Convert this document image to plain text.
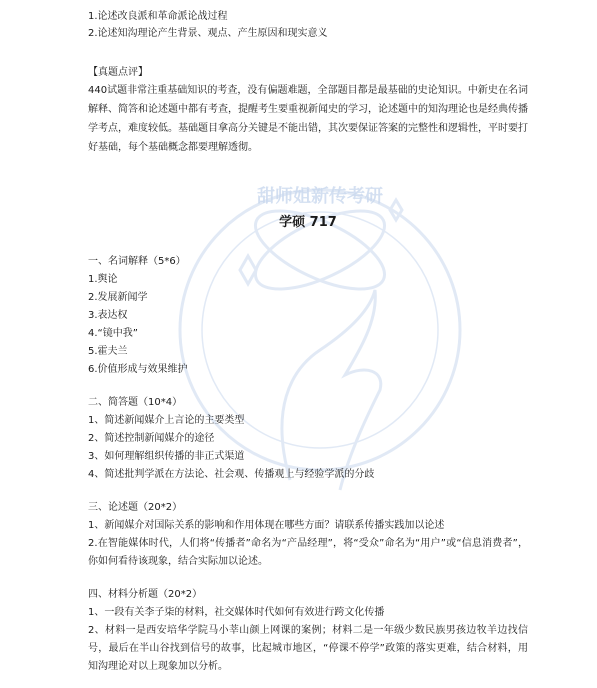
甜师姐新传考研
1.论述改良派和革命派论战过程
2.论述知沟理论产生背景、观点、产生原因和现实意义
【真题点评】
440试题非常注重基础知识的考查，没有偏题难题，全部题目都是最基础的史论知识。中新史在名词解释、简答和论述题中都有考查，提醒考生要重视新闻史的学习，论述题中的知沟理论也是经典传播学考点，难度较低。基础题目拿高分关键是不能出错，其次要保证答案的完整性和逻辑性，平时要打好基础，每个基础概念都要理解透彻。
学硕 717
一、名词解释（5*6）
1.舆论
2.发展新闻学
3.表达权
4.“镜中我”
5.霍夫兰
6.价值形成与效果维护
二、简答题（10*4）
1、简述新闻媒介上言论的主要类型
2、简述控制新闻媒介的途径
3、如何理解组织传播的非正式渠道
4、简述批判学派在方法论、社会观、传播观上与经验学派的分歧
三、论述题（20*2）
1、新闻媒介对国际关系的影响和作用体现在哪些方面？请联系传播实践加以论述
2.在智能媒体时代，人们将“传播者”命名为“产品经理”，将“受众”命名为“用户”或“信息消费者”，你如何看待该现象，结合实际加以论述。
四、材料分析题（20*2）
1、一段有关李子柒的材料，社交媒体时代如何有效进行跨文化传播
2、材料一是西安培华学院马小莘山颜上网课的案例；材料二是一年级少数民族男孩边牧羊边找信号，最后在半山谷找到信号的故事，比起城市地区，“停课不停学”政策的落实更难，结合材料，用知沟理论对以上现象加以分析。
